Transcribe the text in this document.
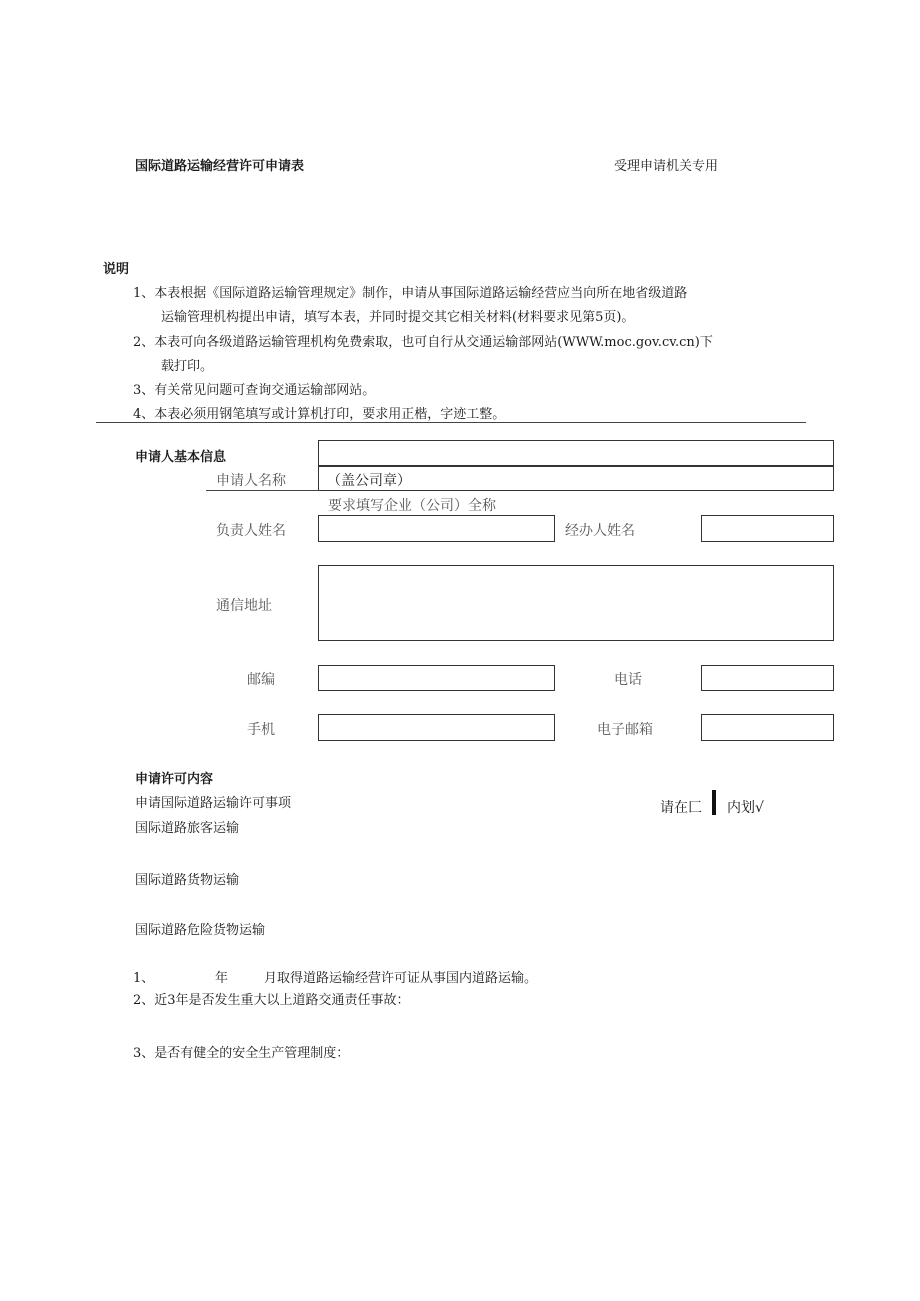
国际道路运输经营许可申请表	受理申请机关专用
说明
1、本表根据《国际道路运输管理规定》制作，申请从事国际道路运输经营应当向所在地省级道路
运输管理机构提出申请，填写本表，并同时提交其它相关材料(材料要求见第5页)。
2、本表可向各级道路运输管理机构免费索取，也可自行从交通运输部网站(WWW.moc.gov.cv.cn)下
载打印。
3、有关常见问题可查询交通运输部网站。
4、本表必须用钢笔填写或计算机打印，要求用正楷，字迹工整。
申请人基本信息
申请人名称	（盖公司章）
要求填写企业（公司）全称
负责人姓名	经办人姓名
通信地址
邮编	电话
手机	电子邮箱
申请许可内容
申请国际道路运输许可事项	请在匚 内划√
国际道路旅客运输
国际道路货物运输
国际道路危险货物运输
1、	年	月取得道路运输经营许可证从事国内道路运输。
2、近3年是否发生重大以上道路交通责任事故：
3、是否有健全的安全生产管理制度：
